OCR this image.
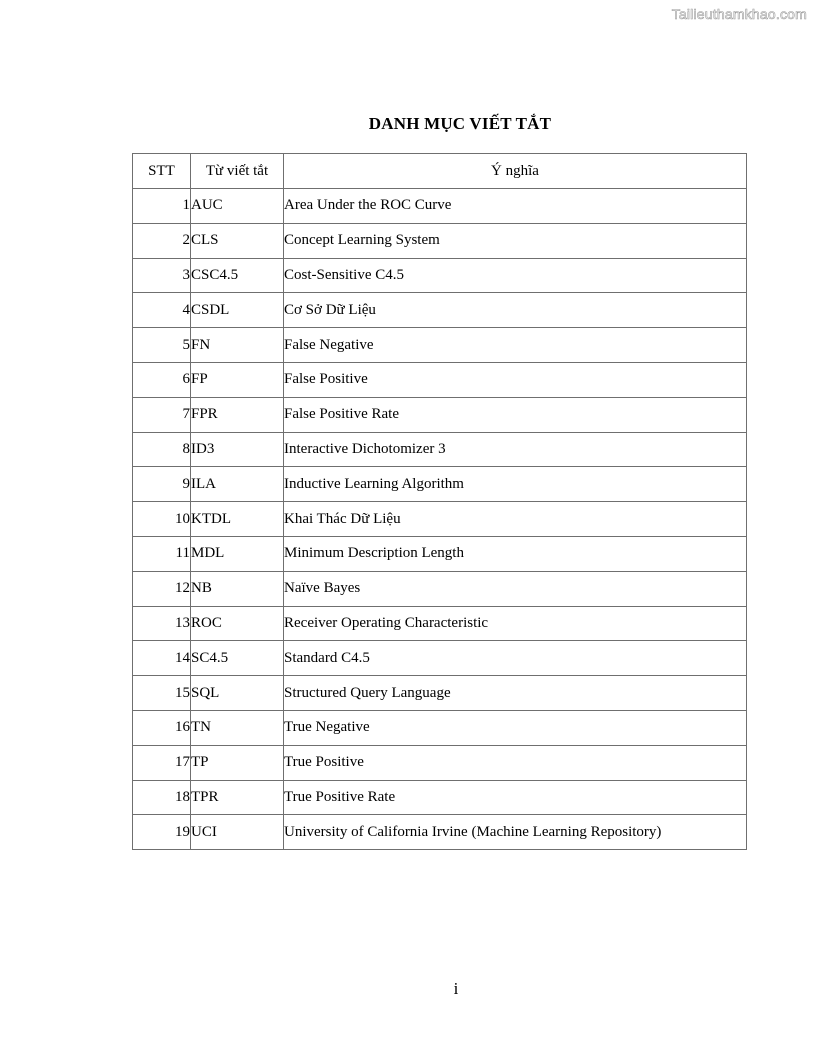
Tailieuthamkhao.com
DANH MỤC VIẾT TẮT
STT	Từ viết tắt	Ý nghĩa
1	AUC	Area Under the ROC Curve
2	CLS	Concept Learning System
3	CSC4.5	Cost-Sensitive C4.5
4	CSDL	Cơ Sở Dữ Liệu
5	FN	False Negative
6	FP	False Positive
7	FPR	False Positive Rate
8	ID3	Interactive Dichotomizer 3
9	ILA	Inductive Learning Algorithm
10	KTDL	Khai Thác Dữ Liệu
11	MDL	Minimum Description Length
12	NB	Naïve Bayes
13	ROC	Receiver Operating Characteristic
14	SC4.5	Standard C4.5
15	SQL	Structured Query Language
16	TN	True Negative
17	TP	True Positive
18	TPR	True Positive Rate
19	UCI	University of California Irvine (Machine Learning Repository)
i
